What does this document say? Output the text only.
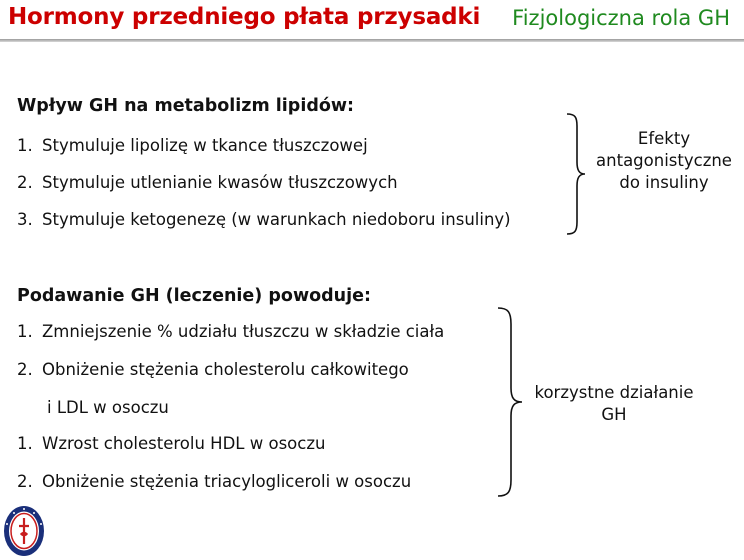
Hormony przedniego płata przysadki Fizjologiczna rola GH
Wpływ GH na metabolizm lipidów:
1. Stymuluje lipolizę w tkance tłuszczowej
2. Stymuluje utlenianie kwasów tłuszczowych
3. Stymuluje ketogenezę (w warunkach niedoboru insuliny)
Efekty
antagonistyczne
do insuliny
Podawanie GH (leczenie) powoduje:
1. Zmniejszenie % udziału tłuszczu w składzie ciała
2. Obniżenie stężenia cholesterolu całkowitego
i LDL w osoczu
1. Wzrost cholesterolu HDL w osoczu
2. Obniżenie stężenia triacylogliceroli w osoczu
korzystne działanie
GH
